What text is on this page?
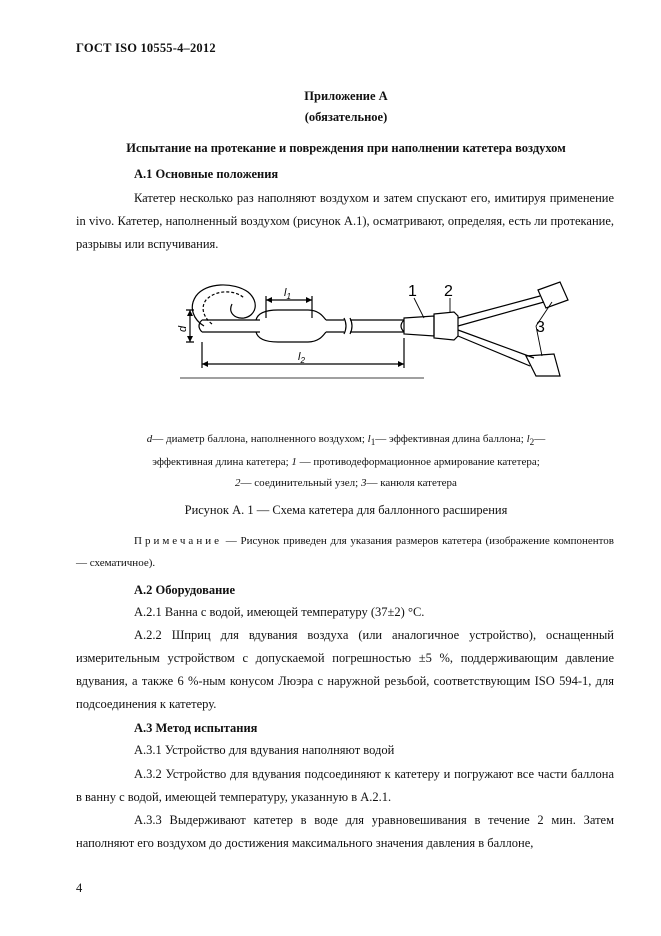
ГОСТ ISO 10555-4–2012
Приложение А
(обязательное)
Испытание на протекание и повреждения при наполнении катетера воздухом
А.1 Основные положения
Катетер несколько раз наполняют воздухом и затем спускают его, имитируя применение in vivo. Катетер, наполненный воздухом (рисунок А.1), осматривают, определяя, есть ли протекание, разрывы или вспучивания.
d
$l_1$
$l_2$
1 2
3
d— диаметр баллона, наполненного воздухом; $l_1—$ эффективная длина баллона; $l_2—$
эффективная длина катетера; 1 — противодеформационное армирование катетера;
2— соединительный узел; 3— канюля катетера
Рисунок А. 1 — Схема катетера для баллонного расширения
Примечание — Рисунок приведен для указания размеров катетера (изображение компонентов — схематичное).
А.2 Оборудование
А.2.1 Ванна с водой, имеющей температуру (37±2) °С.
А.2.2 Шприц для вдувания воздуха (или аналогичное устройство), оснащенный измерительным устройством с допускаемой погрешностью ±5 %, поддерживающим давление вдувания, а также 6 %-ным конусом Люэра с наружной резьбой, соответствующим ISO 594-1, для подсоединения к катетеру.
А.3 Метод испытания
А.3.1 Устройство для вдувания наполняют водой
А.3.2 Устройство для вдувания подсоединяют к катетеру и погружают все части баллона в ванну с водой, имеющей температуру, указанную в А.2.1.
А.3.3 Выдерживают катетер в воде для уравновешивания в течение 2 мин. Затем наполняют его воздухом до достижения максимального значения давления в баллоне,
4
